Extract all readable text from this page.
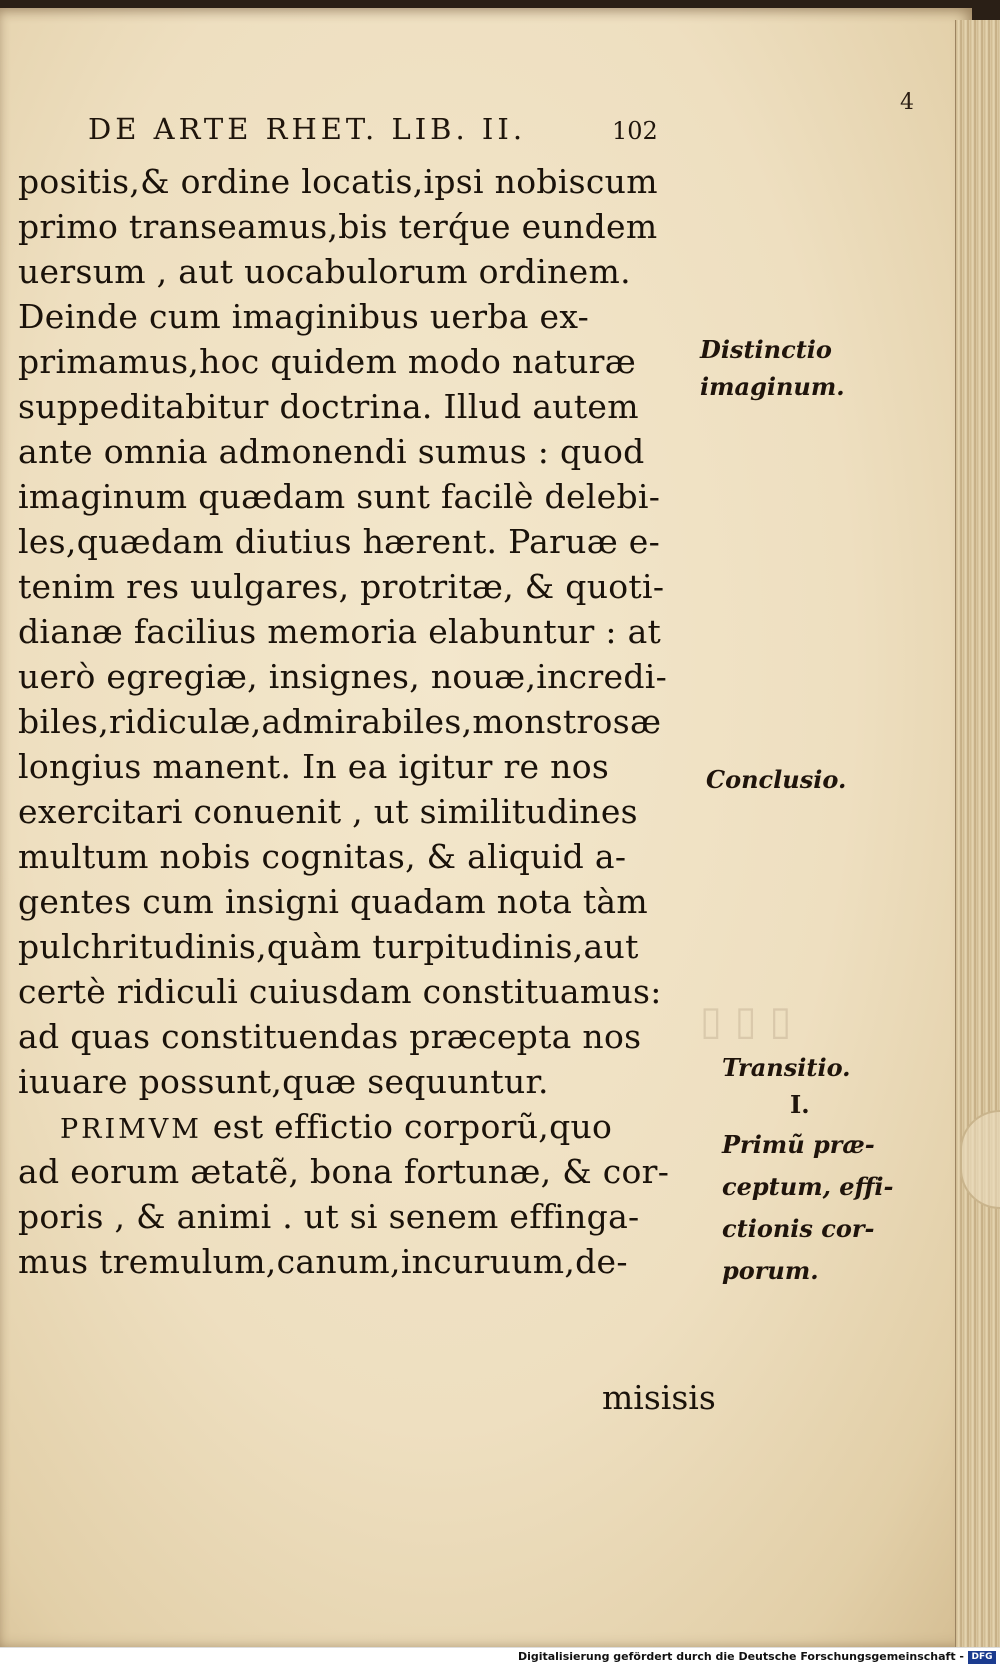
▯ ▯ ▯
4
DE ARTE RHET. LIB. II.	102
positis,& ordine locatis,ipsi nobiscum
primo transeamus,bis terq́ue eundem
uersum , aut uocabulorum ordinem.
Deinde cum imaginibus uerba ex-
primamus,hoc quidem modo naturæ
suppeditabitur doctrina. Illud autem
ante omnia admonendi sumus : quod
imaginum quædam sunt facilè delebi-
les,quædam diutius hærent. Paruæ e-
tenim res uulgares, protritæ, & quoti-
dianæ facilius memoria elabuntur : at
uerò egregiæ, insignes, nouæ,incredi-
biles,ridiculæ,admirabiles,monstrosæ
longius manent. In ea igitur re nos
exercitari conuenit , ut similitudines
multum nobis cognitas, & aliquid a-
gentes cum insigni quadam nota tàm
pulchritudinis,quàm turpitudinis,aut
certè ridiculi cuiusdam constituamus:
ad quas constituendas præcepta nos
iuuare possunt,quæ sequuntur.
PRIMVM est effictio corporũ,quo
ad eorum ætatẽ, bona fortunæ, & cor-
poris , & animi . ut si senem effinga-
mus tremulum,canum,incuruum,de-
misisis
Distinctio
imaginum.
Conclusio.
Transitio.
I.
Primũ præ-
ceptum, effi-
ctionis cor-
porum.
Digitalisierung gefördert durch die Deutsche Forschungsgemeinschaft - DFG
